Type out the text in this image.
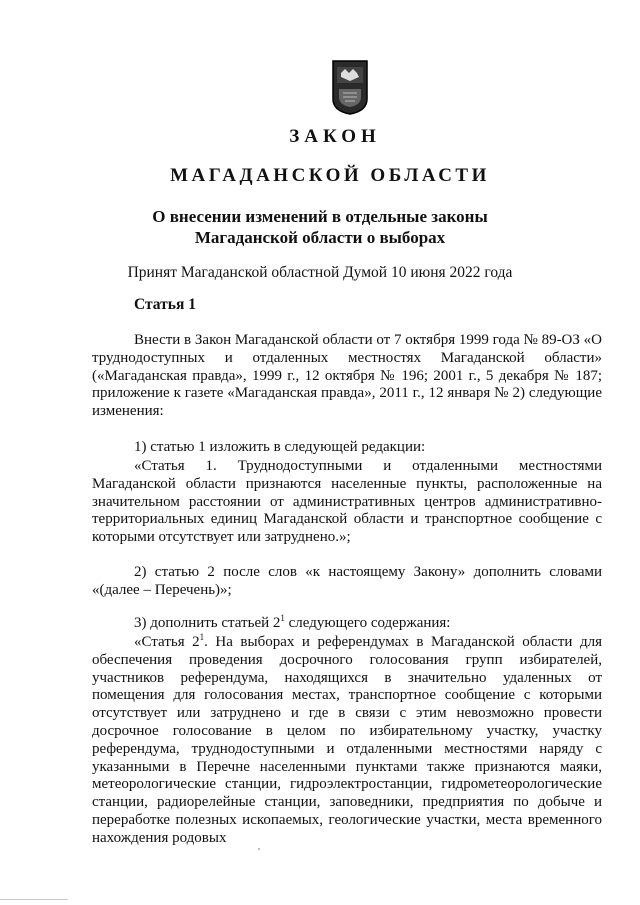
ЗАКОН
МАГАДАНСКОЙ ОБЛАСТИ
О внесении изменений в отдельные законы
Магаданской области о выборах
Принят Магаданской областной Думой 10 июня 2022 года
Статья 1

Внести в Закон Магаданской области от 7 октября 1999 года № 89-ОЗ «О труднодоступных и отдаленных местностях Магаданской области» («Магаданская правда», 1999 г., 12 октября № 196; 2001 г., 5 декабря № 187; приложение к газете «Магаданская правда», 2011 г., 12 января № 2) следующие изменения:

1) статью 1 изложить в следующей редакции:

«Статья 1. Труднодоступными и отдаленными местностями Магаданской области признаются населенные пункты, расположенные на значительном расстоянии от административных центров административно-территориальных единиц Магаданской области и транспортное сообщение с которыми отсутствует или затруднено.»;

2) статью 2 после слов «к настоящему Закону» дополнить словами «(далее – Перечень)»;

3) дополнить статьей $2^1$ следующего содержания:

«Статья $2^1$. На выборах и референдумах в Магаданской области для обеспечения проведения досрочного голосования групп избирателей, участников референдума, находящихся в значительно удаленных от помещения для голосования местах, транспортное сообщение с которыми отсутствует или затруднено и где в связи с этим невозможно провести досрочное голосование в целом по избирательному участку, участку референдума, труднодоступными и отдаленными местностями наряду с указанными в Перечне населенными пунктами также признаются маяки, метеорологические станции, гидроэлектростанции, гидрометеорологические станции, радиорелейные станции, заповедники, предприятия по добыче и переработке полезных ископаемых, геологические участки, места временного нахождения родовых
